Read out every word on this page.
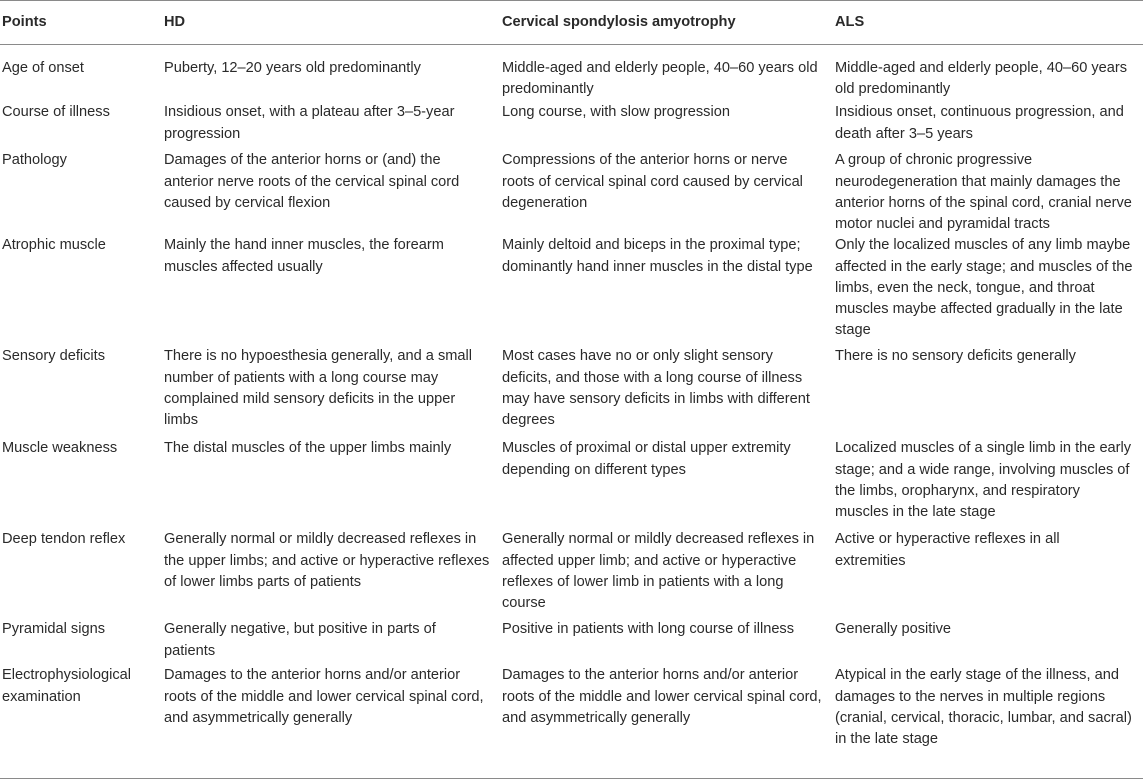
Points	HD	Cervical spondylosis amyotrophy	ALS
Age of onset	Puberty, 12–20 years old predominantly	Middle-aged and elderly people, 40–60 years old predominantly	Middle-aged and elderly people, 40–60 years old predominantly
Course of illness	Insidious onset, with a plateau after 3–5-year progression	Long course, with slow progression	Insidious onset, continuous progression, and death after 3–5 years
Pathology	Damages of the anterior horns or (and) the anterior nerve roots of the cervical spinal cord caused by cervical flexion	Compressions of the anterior horns or nerve roots of cervical spinal cord caused by cervical degeneration	A group of chronic progressive neurodegeneration that mainly damages the anterior horns of the spinal cord, cranial nerve motor nuclei and pyramidal tracts
Atrophic muscle	Mainly the hand inner muscles, the forearm muscles affected usually	Mainly deltoid and biceps in the proximal type; dominantly hand inner muscles in the distal type	Only the localized muscles of any limb maybe affected in the early stage; and muscles of the limbs, even the neck, tongue, and throat muscles maybe affected gradually in the late stage
Sensory deficits	There is no hypoesthesia generally, and a small number of patients with a long course may complained mild sensory deficits in the upper limbs	Most cases have no or only slight sensory deficits, and those with a long course of illness may have sensory deficits in limbs with different degrees	There is no sensory deficits generally
Muscle weakness	The distal muscles of the upper limbs mainly	Muscles of proximal or distal upper extremity depending on different types	Localized muscles of a single limb in the early stage; and a wide range, involving muscles of the limbs, oropharynx, and respiratory muscles in the late stage
Deep tendon reflex	Generally normal or mildly decreased reflexes in the upper limbs; and active or hyperactive reflexes of lower limbs parts of patients	Generally normal or mildly decreased reflexes in affected upper limb; and active or hyperactive reflexes of lower limb in patients with a long course	Active or hyperactive reflexes in all extremities
Pyramidal signs	Generally negative, but positive in parts of patients	Positive in patients with long course of illness	Generally positive
Electrophysiological examination	Damages to the anterior horns and/or anterior roots of the middle and lower cervical spinal cord, and asymmetrically generally	Damages to the anterior horns and/or anterior roots of the middle and lower cervical spinal cord, and asymmetrically generally	Atypical in the early stage of the illness, and damages to the nerves in multiple regions (cranial, cervical, thoracic, lumbar, and sacral) in the late stage
